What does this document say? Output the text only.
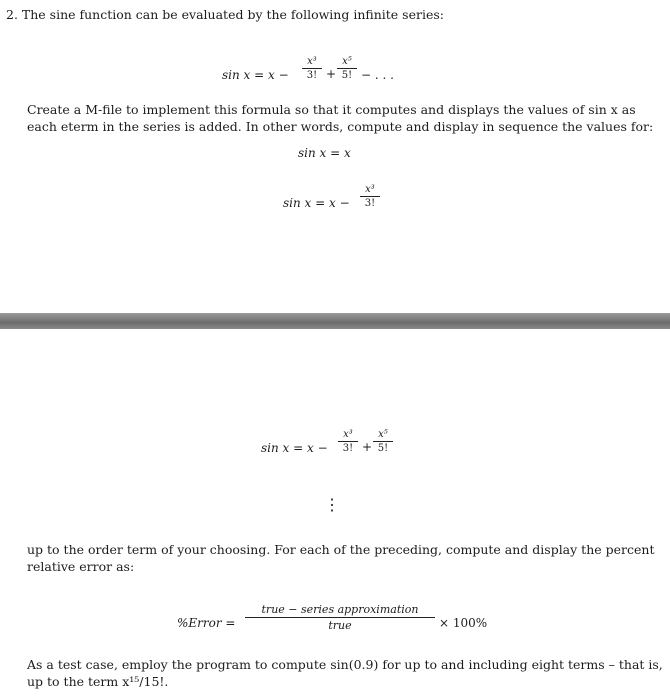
2. The sine function can be evaluated by the following infinite series:
sin x = x −
x³
3! +
x⁵
5! − . . .
Create a M-file to implement this formula so that it computes and displays the values of sin x as each eterm in the series is added. In other words, compute and display in sequence the values for:
sin x = x
sin x = x −
x³
3!
sin x = x −
x³
3! +
x⁵
5!
⋮
up to the order term of your choosing. For each of the preceding, compute and display the percent relative error as:
%Error =
true − series approximation
true	× 100%
As a test case, employ the program to compute sin(0.9) for up to and including eight terms – that is, up to the term x¹⁵/15!.
